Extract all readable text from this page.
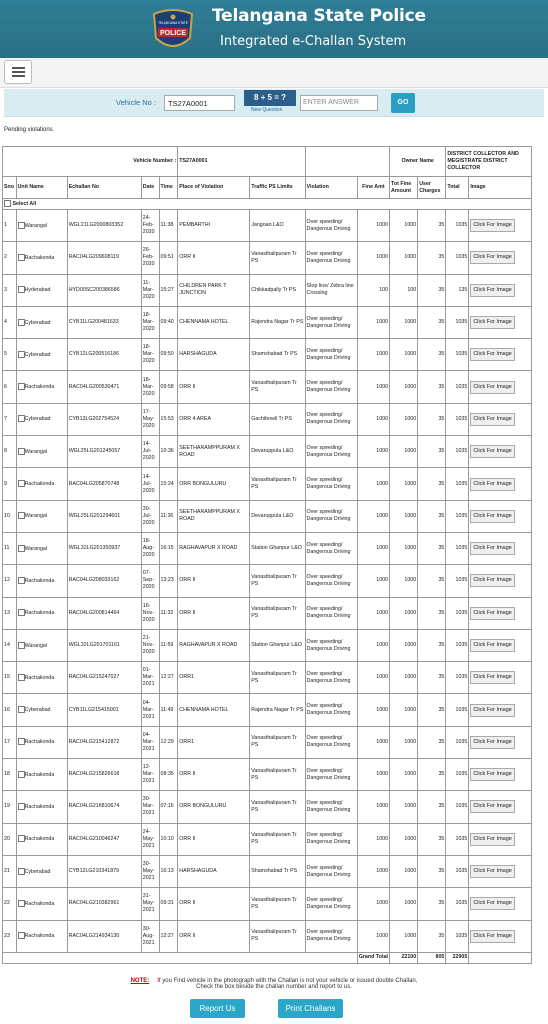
POLICE
TELANGANA STATE Telangana State Police
Integrated e-Challan System
Vehicle No :	TS27A0001
8 + 5 = ?
New Question
ENTER ANSWER	GO
Pending violations
Vehicle Number :					TS27A0001				Owner Name		DISTRICT COLLECTOR AND MEGISTRATE DISTRICT COLLECTOR	
Sno	Unit Name	Echallan No	Date	Time	Place of Violation	Traffic PS Limits	Violation	Fine Amt	Tot Fine Amount	User Charges	Total	Image
Select All												
1	Warangal	WGL21LG2000803352	24-Feb-2020	11:38	PEMBARTHI	Jangoan L&O	Over speeding/ Dangerous Driving	1000	1000	35	1035	Click For Image
2	Rachakonda	RAC04LG209608119	26-Feb-2020	09:51	ORR II	Vanasthalipuram Tr PS	Over speeding/ Dangerous Driving	1000	1000	35	1035	Click For Image
3	Hyderabad	HYD00SC200386586	11-Mar-2020	15:27	CHILDREN PARK T JUNCTION	Chikkadpally Tr PS	Stop line/ Zebra line Crossing	100	100	35	135	Click For Image
4	Cyberabad	CYB11LG200481633	18-Mar-2020	09:40	CHENNAMA HOTEL	Rajendra Nagar Tr PS	Over speeding/ Dangerous Driving	1000	1000	35	1035	Click For Image
5	Cyberabad	CYB12LG200516186	18-Mar-2020	09:50	HARSHAGUDA	Shamshabad Tr PS	Over speeding/ Dangerous Driving	1000	1000	35	1035	Click For Image
6	Rachakonda	RAC04LG200530471	18-Mar-2020	09:58	ORR II	Vanasthalipuram Tr PS	Over speeding/ Dangerous Driving	1000	1000	35	1035	Click For Image
7	Cyberabad	CYB13LG202754524	17-May-2020	15:53	ORR 4 AREA	Gachibowli Tr PS	Over speeding/ Dangerous Driving	1000	1000	35	1035	Click For Image
8	Warangal	WGL25LG201245057	14-Jul-2020	10:36	SEETHARAMPPURAM X ROAD	Devaruppula L&O	Over speeding/ Dangerous Driving	1000	1000	35	1035	Click For Image
9	Rachakonda	RAC04LG205870748	14-Jul-2020	15:24	ORR BONGULURU	Vanasthalipuram Tr PS	Over speeding/ Dangerous Driving	1000	1000	35	1035	Click For Image
10	Warangal	WGL25LG201294601	30-Jul-2020	11:36	SEETHARAMPPURAM X ROAD	Devaruppula L&O	Over speeding/ Dangerous Driving	1000	1000	35	1035	Click For Image
11	Warangal	WGL32LG201350937	18-Aug-2020	16:15	RAGHAVAPUR X ROAD	Station Ghanpur L&O	Over speeding/ Dangerous Driving	1000	1000	35	1035	Click For Image
12	Rachakonda	RAC04LG208033162	07-Sep-2020	13:23	ORR II	Vanasthalipuram Tr PS	Over speeding/ Dangerous Driving	1000	1000	35	1035	Click For Image
13	Rachakonda	RAC04LG200814464	16-Nov-2020	11:32	ORR II	Vanasthalipuram Tr PS	Over speeding/ Dangerous Driving	1000	1000	35	1035	Click For Image
14	Warangal	WGL32LG201701161	21-Nov-2020	11:59	RAGHAVAPUR X ROAD	Station Ghanpur L&O	Over speeding/ Dangerous Driving	1000	1000	35	1035	Click For Image
15	Rachakonda	RAC04LG215247027	01-Mar-2021	12:27	ORR1	Vanasthalipuram Tr PS	Over speeding/ Dangerous Driving	1000	1000	35	1035	Click For Image
16	Cyberabad	CYB11LG215415001	04-Mar-2021	11:49	CHENNAMA HOTEL	Rajendra Nagar Tr PS	Over speeding/ Dangerous Driving	1000	1000	35	1035	Click For Image
17	Rachakonda	RAC04LG215412872	04-Mar-2021	12:29	ORR1	Vanasthalipuram Tr PS	Over speeding/ Dangerous Driving	1000	1000	35	1035	Click For Image
18	Rachakonda	RAC04LG215826618	12-Mar-2021	08:35	ORR II	Vanasthalipuram Tr PS	Over speeding/ Dangerous Driving	1000	1000	35	1035	Click For Image
19	Rachakonda	RAC04LG216810674	30-Mar-2021	07:16	ORR BONGULURU	Vanasthalipuram Tr PS	Over speeding/ Dangerous Driving	1000	1000	35	1035	Click For Image
20	Rachakonda	RAC04LG210046247	24-May-2021	10:10	ORR II	Vanasthalipuram Tr PS	Over speeding/ Dangerous Driving	1000	1000	35	1035	Click For Image
21	Cyberabad	CYB12LG210341879	30-May-2021	16:13	HARSHAGUDA	Shamshabad Tr PS	Over speeding/ Dangerous Driving	1000	1000	35	1035	Click For Image
22	Rachakonda	RAC04LG210382961	31-May-2021	09:31	ORR II	Vanasthalipuram Tr PS	Over speeding/ Dangerous Driving	1000	1000	35	1035	Click For Image
23	Rachakonda	RAC04LG214934130	30-Aug-2021	12:27	ORR II	Vanasthalipuram Tr PS	Over speeding/ Dangerous Driving	1000	1000	35	1035	Click For Image
								Grand Total	22100	805	22905	
NOTE: If you Find vehicle in the photograph with the Challan is not your vehicle or issued double Challan,
Check the box beside the challan number and report to us.
Report Us	Print Challans
